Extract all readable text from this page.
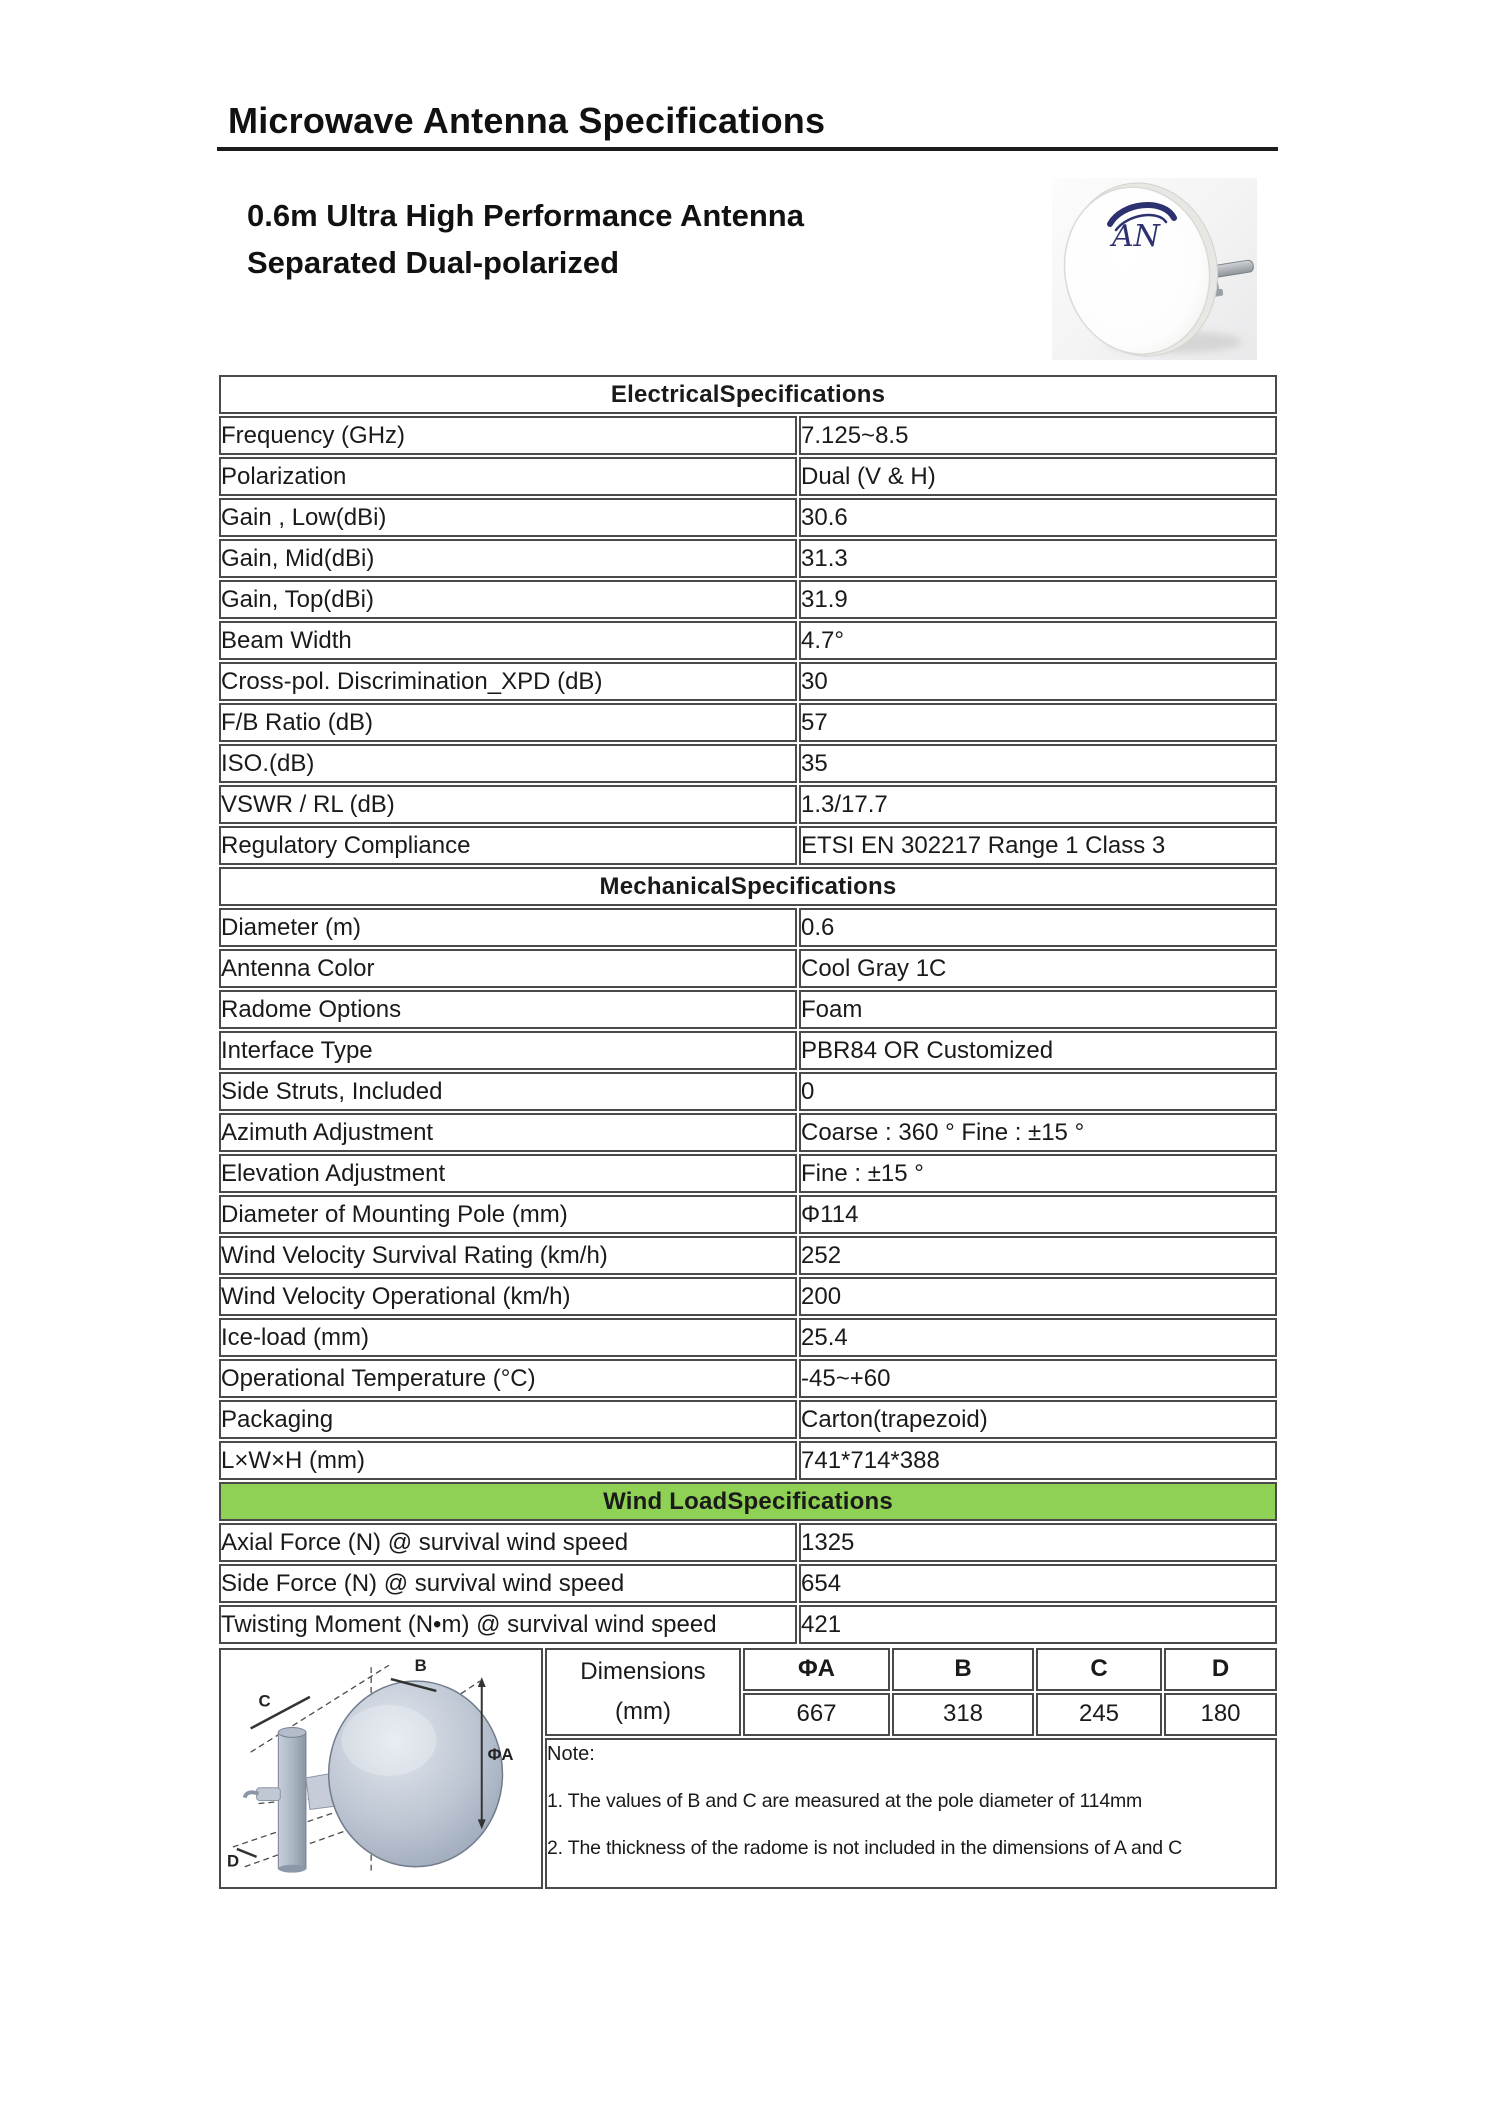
Microwave Antenna Specifications
0.6m Ultra High Performance Antenna
Separated Dual-polarized
AN
ElectricalSpecifications	
Frequency (GHz)	7.125~8.5
Polarization	Dual (V & H)
Gain , Low(dBi)	30.6
Gain, Mid(dBi)	31.3
Gain, Top(dBi)	31.9
Beam Width	4.7°
Cross-pol. Discrimination_XPD (dB)	30
F/B Ratio (dB)	57
ISO.(dB)	35
VSWR / RL (dB)	1.3/17.7
Regulatory Compliance	ETSI EN 302217 Range 1 Class 3
MechanicalSpecifications	
Diameter (m)	0.6
Antenna Color	Cool Gray 1C
Radome Options	Foam
Interface Type	PBR84 OR Customized
Side Struts, Included	0
Azimuth Adjustment	Coarse : 360 ° Fine : ±15 °
Elevation Adjustment	Fine : ±15 °
Diameter of Mounting Pole (mm)	Φ114
Wind Velocity Survival Rating (km/h)	252
Wind Velocity Operational (km/h)	200
Ice-load (mm)	25.4
Operational Temperature (°C)	-45~+60
Packaging	Carton(trapezoid)
L×W×H (mm)	741*714*388
Wind LoadSpecifications	
Axial Force (N) @ survival wind speed	1325
Side Force (N) @ survival wind speed	654
Twisting Moment (N•m) @ survival wind speed	421
B
C
ΦA
D

Dimensions
(mm)
	ΦA	B	C	D
		667	318	245	180

	Note:
1. The values of B and C are measured at the pole diameter of 114mm
2. The thickness of the radome is not included in the dimensions of A and C				
